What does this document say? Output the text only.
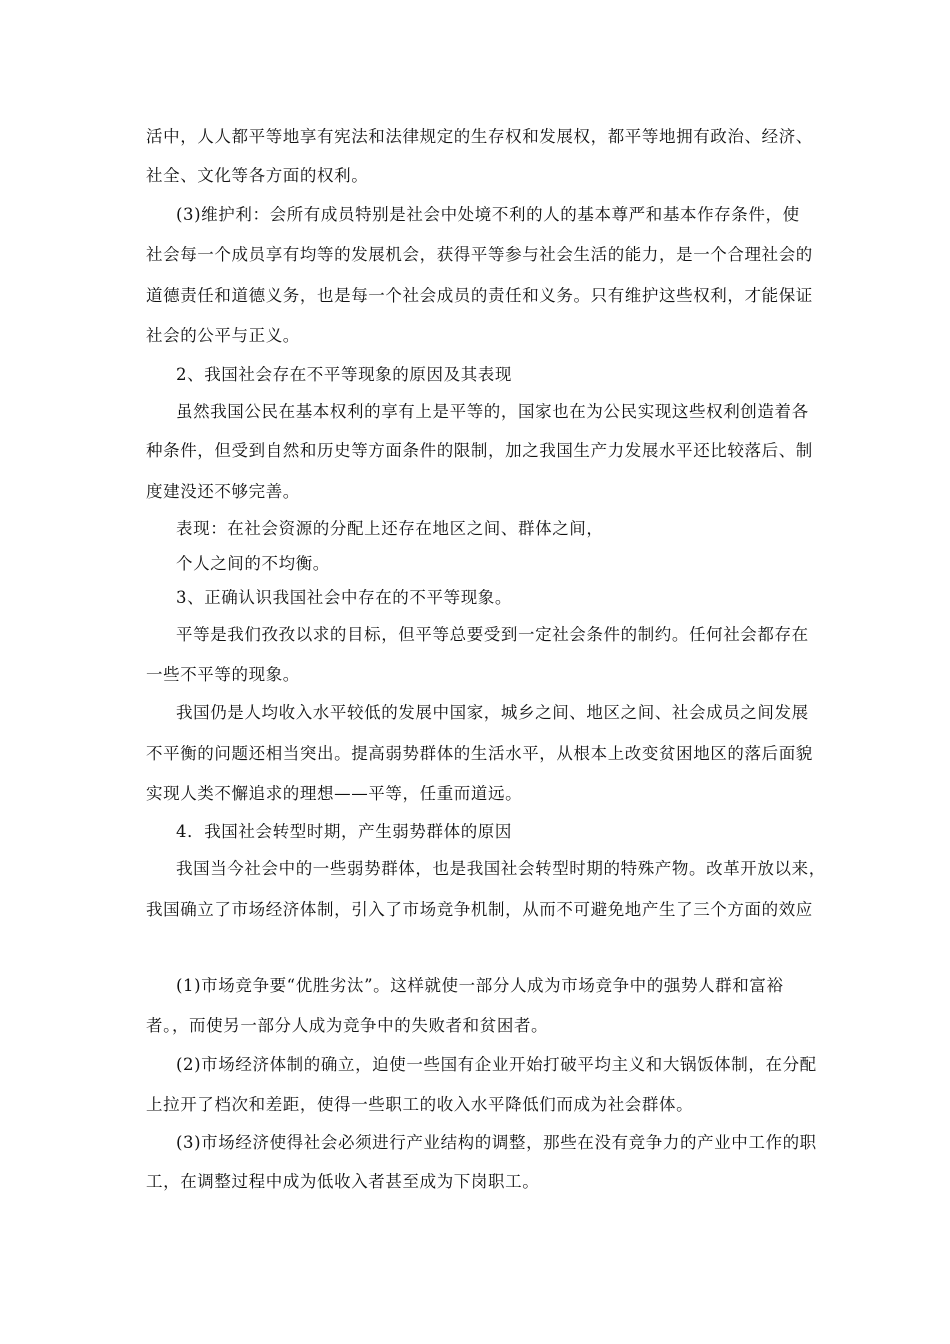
活中，人人都平等地享有宪法和法律规定的生存权和发展权，都平等地拥有政治、经济、
社全、文化等各方面的权利。
(3)维护利：会所有成员特别是社会中处境不利的人的基本尊严和基本作存条件，使
社会每一个成员享有均等的发展机会，获得平等参与社会生活的能力，是一个合理社会的
道德责任和道德义务，也是每一个社会成员的责任和义务。只有维护这些权利，才能保证
社会的公平与正义。
2、我国社会存在不平等现象的原因及其表现
虽然我国公民在基本权利的享有上是平等的，国家也在为公民实现这些权利创造着各
种条件，但受到自然和历史等方面条件的限制，加之我国生产力发展水平还比较落后、制
度建没还不够完善。
表现：在社会资源的分配上还存在地区之间、群体之间，
个人之间的不均衡。
3、正确认识我国社会中存在的不平等现象。
平等是我们孜孜以求的目标，但平等总要受到一定社会条件的制约。任何社会都存在
一些不平等的现象。
我国仍是人均收入水平较低的发展中国家，城乡之间、地区之间、社会成员之间发展
不平衡的问题还相当突出。提高弱势群体的生活水平，从根本上改变贫困地区的落后面貌
实现人类不懈追求的理想——平等，任重而道远。
4．我国社会转型时期，产生弱势群体的原因
我国当今社会中的一些弱势群体，也是我国社会转型时期的特殊产物。改革开放以来，
我国确立了市场经济体制，引入了市场竞争机制，从而不可避免地产生了三个方面的效应
(1)市场竞争要“优胜劣汰”。这样就使一部分人成为市场竞争中的强势人群和富裕
者。，而使另一部分人成为竞争中的失败者和贫困者。
(2)市场经济体制的确立，迫使一些国有企业开始打破平均主义和大锅饭体制，在分配
上拉开了档次和差距，使得一些职工的收入水平降低们而成为社会群体。
(3)市场经济使得社会必须进行产业结构的调整，那些在没有竞争力的产业中工作的职
工，在调整过程中成为低收入者甚至成为下岗职工。
